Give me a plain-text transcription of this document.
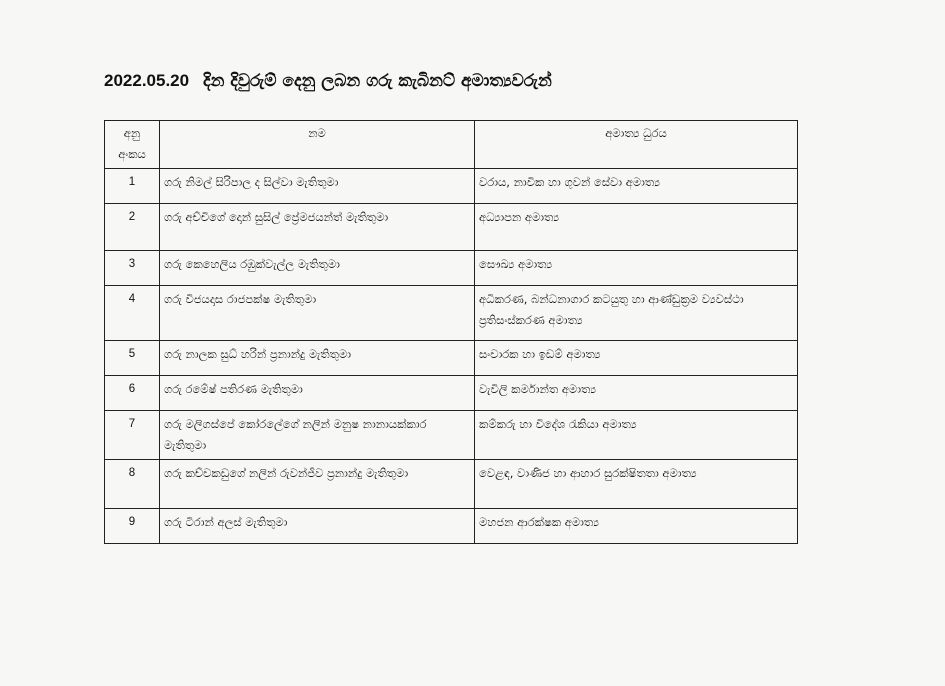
2022.05.20 දින දිවුරුම් දෙනු ලබන ගරු කැබිනට් අමාත්‍යවරුන්
අනු අංකය	නම	අමාත්‍ය ධුරය
1	ගරු නිමල් සිරිපාල ද සිල්වා මැතිතුමා	වරාය, නාවික හා ගුවන් සේවා අමාත්‍ය
2	ගරු අච්චිගේ දොන් සුසිල් ප්‍රේමජයන්ත් මැතිතුමා	අධ්‍යාපන අමාත්‍ය
3	ගරු කෙහෙලිය රඹුක්වැල්ල මැතිතුමා	සෞඛ්‍ය අමාත්‍ය
4	ගරු විජයදාස රාජපක්ෂ මැතිතුමා	අධිකරණ, බන්ධනාගාර කටයුතු හා ආණ්ඩුක්‍රම ව්‍යවස්ථා ප්‍රතිසංස්කරණ අමාත්‍ය
5	ගරු නාලක සුධ් හරින් ප්‍රනාන්දු මැතිතුමා	සංචාරක හා ඉඩම් අමාත්‍ය
6	ගරු රමේෂ් පතිරණ මැතිතුමා	වැවිලි කර්මාන්ත අමාත්‍ය
7	ගරු මලිගස්පේ කෝරලේගේ නලින් මනුෂ නානායක්කාර මැතිතුමා	කම්කරු හා විදේශ රැකියා අමාත්‍ය
8	ගරු කච්චකඩුගේ නලින් රුවන්ජීව ප්‍රනාන්දු මැතිතුමා	වෙළඳ, වාණිජ හා ආහාර සුරක්ෂිතතා අමාත්‍ය
9	ගරු ටිරාන් අලස් මැතිතුමා	මහජන ආරක්ෂක අමාත්‍ය
